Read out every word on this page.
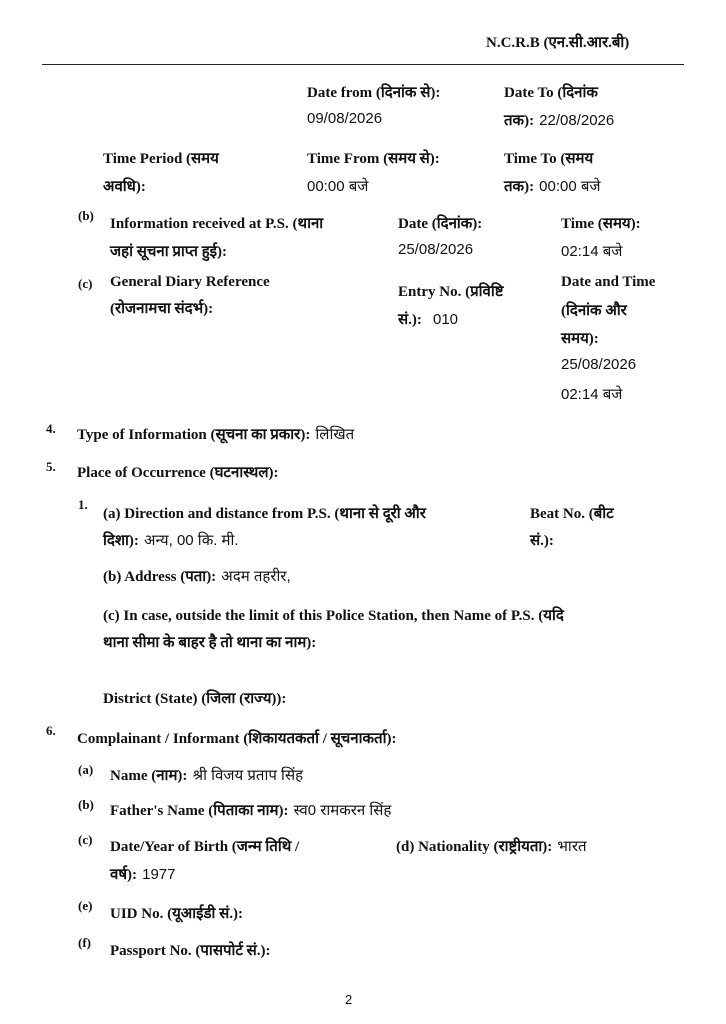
N.C.R.B (एन.सी.आर.बी)
Date from (दिनांक से):
09/08/2026
Date To (दिनांक
तक): 22/08/2026
Time Period (समय
अवधि):
Time From (समय से):
00:00 बजे
Time To (समय
तक): 00:00 बजे
(b)
Information received at P.S. (थाना
जहां सूचना प्राप्त हुई):
Date (दिनांक):
25/08/2026
Time (समय):
02:14 बजे
(c) General Diary Reference
(रोजनामचा संदर्भ):
Entry No. (प्रविष्टि
सं.): 010
Date and Time
(दिनांक और
समय):
25/08/2026
02:14 बजे
4. Type of Information (सूचना का प्रकार): लिखित
5. Place of Occurrence (घटनास्थल):
1.
(a) Direction and distance from P.S. (थाना से दूरी और
दिशा): अन्य, 00 कि. मी.
Beat No. (बीट
सं.):
(b) Address (पता): अदम तहरीर,
(c) In case, outside the limit of this Police Station, then Name of P.S. (यदि
थाना सीमा के बाहर है तो थाना का नाम):
District (State) (जिला (राज्य)):
6.
Complainant / Informant (शिकायतकर्ता / सूचनाकर्ता):
(a) Name (नाम): श्री विजय प्रताप सिंह
(b) Father's Name (पिताका नाम): स्व0 रामकरन सिंह
(c) Date/Year of Birth (जन्म तिथि /
वर्ष): 1977
(d) Nationality (राष्ट्रीयता): भारत
(e)
UID No. (यूआईडी सं.):
(f)
Passport No. (पासपोर्ट सं.):
2
